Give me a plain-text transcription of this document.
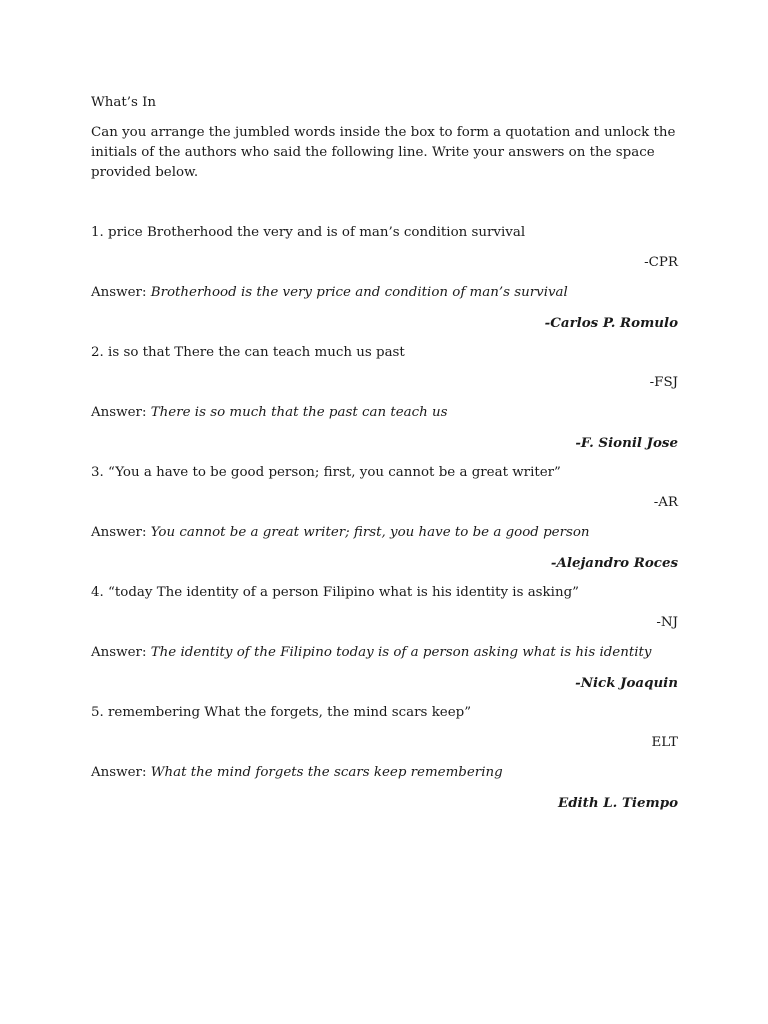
What’s In
Can you arrange the jumbled words inside the box to form a quotation and unlock the initials of the authors who said the following line. Write your answers on the space provided below.
1. price Brotherhood the very and is of man’s condition survival
-CPR
Answer: Brotherhood is the very price and condition of man’s survival
-Carlos P. Romulo
2. is so that There the can teach much us past
-FSJ
Answer: There is so much that the past can teach us
-F. Sionil Jose
3. “You a have to be good person; first, you cannot be a great writer”
-AR
Answer: You cannot be a great writer; first, you have to be a good person
-Alejandro Roces
4. “today The identity of a person Filipino what is his identity is asking”
-NJ
Answer: The identity of the Filipino today is of a person asking what is his identity
-Nick Joaquin
5. remembering What the forgets, the mind scars keep”
ELT
Answer: What the mind forgets the scars keep remembering
Edith L. Tiempo
